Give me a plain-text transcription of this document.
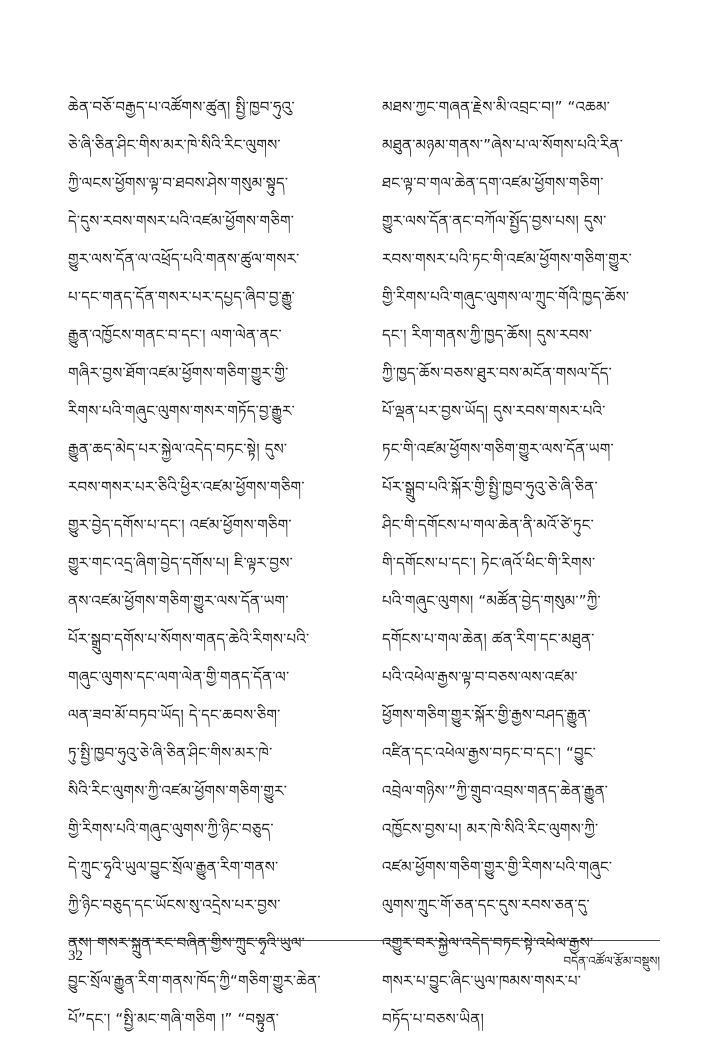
ཆེན་བཅོ་བརྒྱད་པ་འཚོགས་ཚུན། སྤྱི་ཁྱབ་ཧུའུ་
ཅེ་ཞི་ཅིན་ཤིང་གིས་མར་ཁེ་སིའི་རིང་ལུགས་
ཀྱི་ལངས་ཕྱོགས་ལྟ་བ་ཐབས་ཤེས་གསུམ་སྟུད་
དེ་དུས་རབས་གསར་པའི་འཛམ་ཕྱོགས་གཅིག་
གྱུར་ལས་དོན་ལ་འཕྲོད་པའི་གནས་ཚུལ་གསར་
པ་དང་གནད་དོན་གསར་པར་དཔྱད་ཞིབ་བྱ་རྒྱུ་
རྒྱུན་འཁྱོངས་གནང་བ་དང་། ལག་ལེན་ནང་
གཞིར་བྱས་ཐོག་འཛམ་ཕྱོགས་གཅིག་གྱུར་གྱི་
རིགས་པའི་གཞུང་ལུགས་གསར་གཏོད་བྱ་རྒྱུར་
རྒྱུན་ཆད་མེད་པར་སྐྱེལ་འདེད་བཏང་སྟེ། དུས་
རབས་གསར་པར་ཅིའི་ཕྱིར་འཛམ་ཕྱོགས་གཅིག་
གྱུར་བྱེད་དགོས་པ་དང་། འཛམ་ཕྱོགས་གཅིག་
གྱུར་གང་འདྲ་ཞིག་བྱེད་དགོས་པ། ཇི་ལྟར་བྱས་
ནས་འཛམ་ཕྱོགས་གཅིག་གྱུར་ལས་དོན་ཡག་
པོར་སྒྲུབ་དགོས་པ་སོགས་གནད་ཆེའི་རིགས་པའི་
གཞུང་ལུགས་དང་ལག་ལེན་གྱི་གནད་དོན་ལ་
ལན་ཟབ་མོ་བཏབ་ཡོད། དེ་དང་ཆབས་ཅིག་
ཏུ་སྤྱི་ཁྱབ་ཧུའུ་ཅེ་ཞི་ཅིན་ཤིང་གིས་མར་ཁེ་
སིའི་རིང་ལུགས་ཀྱི་འཛམ་ཕྱོགས་གཅིག་གྱུར་
གྱི་རིགས་པའི་གཞུང་ལུགས་ཀྱི་ཉིང་བཅུད་
དེ་ཀྲུང་ཧྭའི་ཡུལ་བྱུང་སྲོལ་རྒྱུན་རིག་གནས་
ཀྱི་ཉིང་བཅུད་དང་ཡོངས་སུ་འདྲེས་པར་བྱས་
ནས། གསར་སྐྲུན་རང་བཞིན་གྱིས་ཀྲུང་ཧྭའི་ཡུལ་
བྱུང་སྲོལ་རྒྱུན་རིག་གནས་ཁོད་ཀྱི“གཅིག་གྱུར་ཆེན་
པོ”དང་། “སྤྱི་མང་གཞི་གཅིག །” “བསྟུན་
མཐས་ཀྱང་གཞན་རྗེས་མི་འབྲང་བ།” “འཆམ་
མཐུན་མཉམ་གནས་”ཞེས་པ་ལ་སོགས་པའི་རིན་
ཐང་ལྟ་བ་གལ་ཆེན་དག་འཛམ་ཕྱོགས་གཅིག་
གྱུར་ལས་དོན་ནང་བཀོལ་སྤྱོད་བྱས་པས། དུས་
རབས་གསར་པའི་ཏང་གི་འཛམ་ཕྱོགས་གཅིག་གྱུར་
གྱི་རིགས་པའི་གཞུང་ལུགས་ལ་ཀྲུང་གོའི་ཁྱད་ཆོས་
དང་། རིག་གནས་ཀྱི་ཁྱད་ཆོས། དུས་རབས་
ཀྱི་ཁྱད་ཆོས་བཅས་ཐུར་བས་མངོན་གསལ་དོད་
པོ་ལྡན་པར་བྱས་ཡོད། དུས་རབས་གསར་པའི་
ཏང་གི་འཛམ་ཕྱོགས་གཅིག་གྱུར་ལས་དོན་ཡག་
པོར་སྒྲུབ་པའི་སྐོར་གྱི་སྤྱི་ཁྱབ་ཧུའུ་ཅེ་ཞི་ཅིན་
ཤིང་གི་དགོངས་པ་གལ་ཆེན་ནི་མའོ་ཙེ་ཏུང་
གི་དགོངས་པ་དང་། ཏེང་ཞའོ་ཕིང་གི་རིགས་
པའི་གཞུང་ལུགས། “མཚོན་བྱེད་གསུམ་”ཀྱི་
དགོངས་པ་གལ་ཆེན། ཚན་རིག་དང་མཐུན་
པའི་འཕེལ་རྒྱས་ལྟ་བ་བཅས་ལས་འཛམ་
ཕྱོགས་གཅིག་གྱུར་སྐོར་གྱི་རྒྱས་བཤད་རྒྱུན་
འཛིན་དང་འཕེལ་རྒྱས་བཏང་བ་དང་། “བྱུང་
འབྲེལ་གཉིས་”ཀྱི་གྲུབ་འབྲས་གནད་ཆེན་རྒྱུན་
འཁྱོངས་བྱས་པ། མར་ཁེ་སིའི་རིང་ལུགས་ཀྱི་
འཛམ་ཕྱོགས་གཅིག་གྱུར་གྱི་རིགས་པའི་གཞུང་
ལུགས་ཀྲུང་གོ་ཅན་དང་དུས་རབས་ཅན་དུ་
འགྱུར་བར་སྐྱེལ་འདེད་བཏང་སྟེ་འཕེལ་རྒྱས་
གསར་པ་བྱུང་ཞིང་ཡུལ་ཁམས་གསར་པ་
བཏོད་པ་བཅས་ཡིན།
32	བདེན་འཚོལ་རྩོམ་བསྡུས།
